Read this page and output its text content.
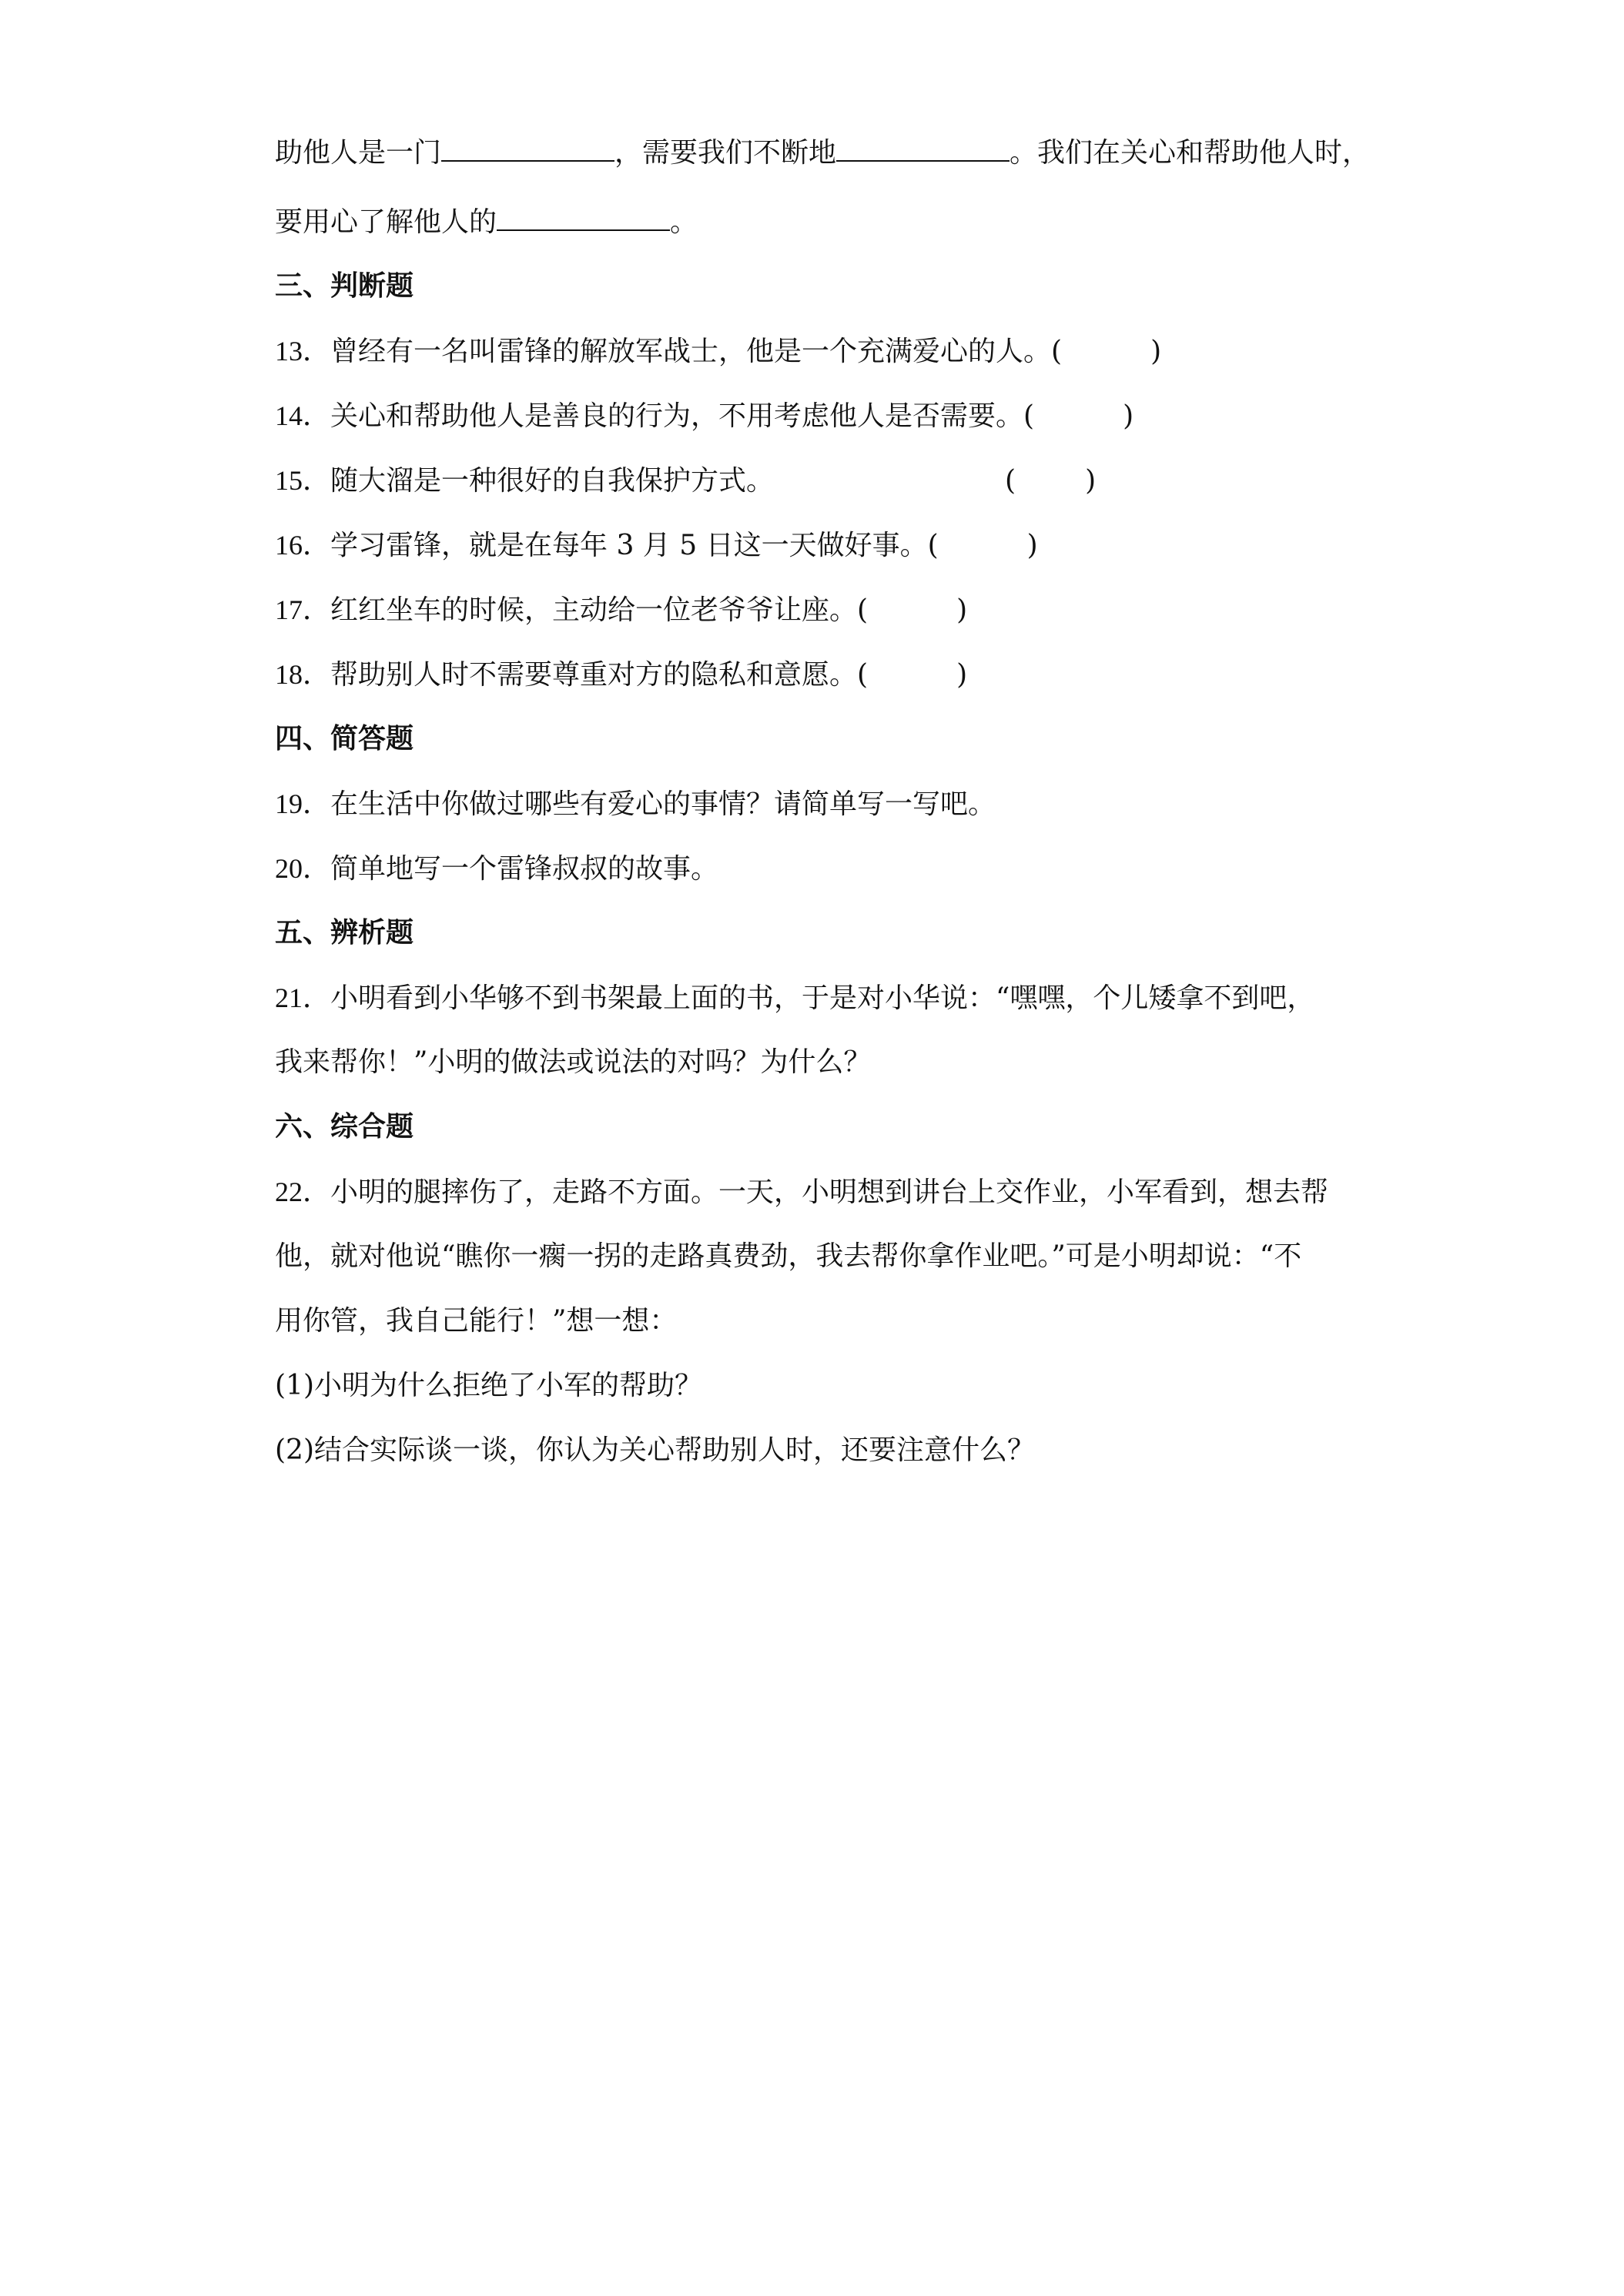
助他人是一门	，需要我们不断地	。我们在关心和帮助他人时，
要用心了解他人的	。
三、判断题
13．曾经有一名叫雷锋的解放军战士，他是一个充满爱心的人。(	)
14．关心和帮助他人是善良的行为，不用考虑他人是否需要。(	)
15．随大溜是一种很好的自我保护方式。	(	)
16．学习雷锋，就是在每年 3 月 5 日这一天做好事。(	)
17．红红坐车的时候，主动给一位老爷爷让座。(	)
18．帮助别人时不需要尊重对方的隐私和意愿。(	)
四、简答题
19．在生活中你做过哪些有爱心的事情？请简单写一写吧。
20．简单地写一个雷锋叔叔的故事。
五、辨析题
21．小明看到小华够不到书架最上面的书，于是对小华说：“嘿嘿，个儿矮拿不到吧，
我来帮你！”小明的做法或说法的对吗？为什么？
六、综合题
22．小明的腿摔伤了，走路不方面。一天，小明想到讲台上交作业，小军看到，想去帮
他，就对他说“瞧你一瘸一拐的走路真费劲，我去帮你拿作业吧。”可是小明却说：“不
用你管，我自己能行！”想一想：
(1)小明为什么拒绝了小军的帮助？
(2)结合实际谈一谈，你认为关心帮助别人时，还要注意什么？
